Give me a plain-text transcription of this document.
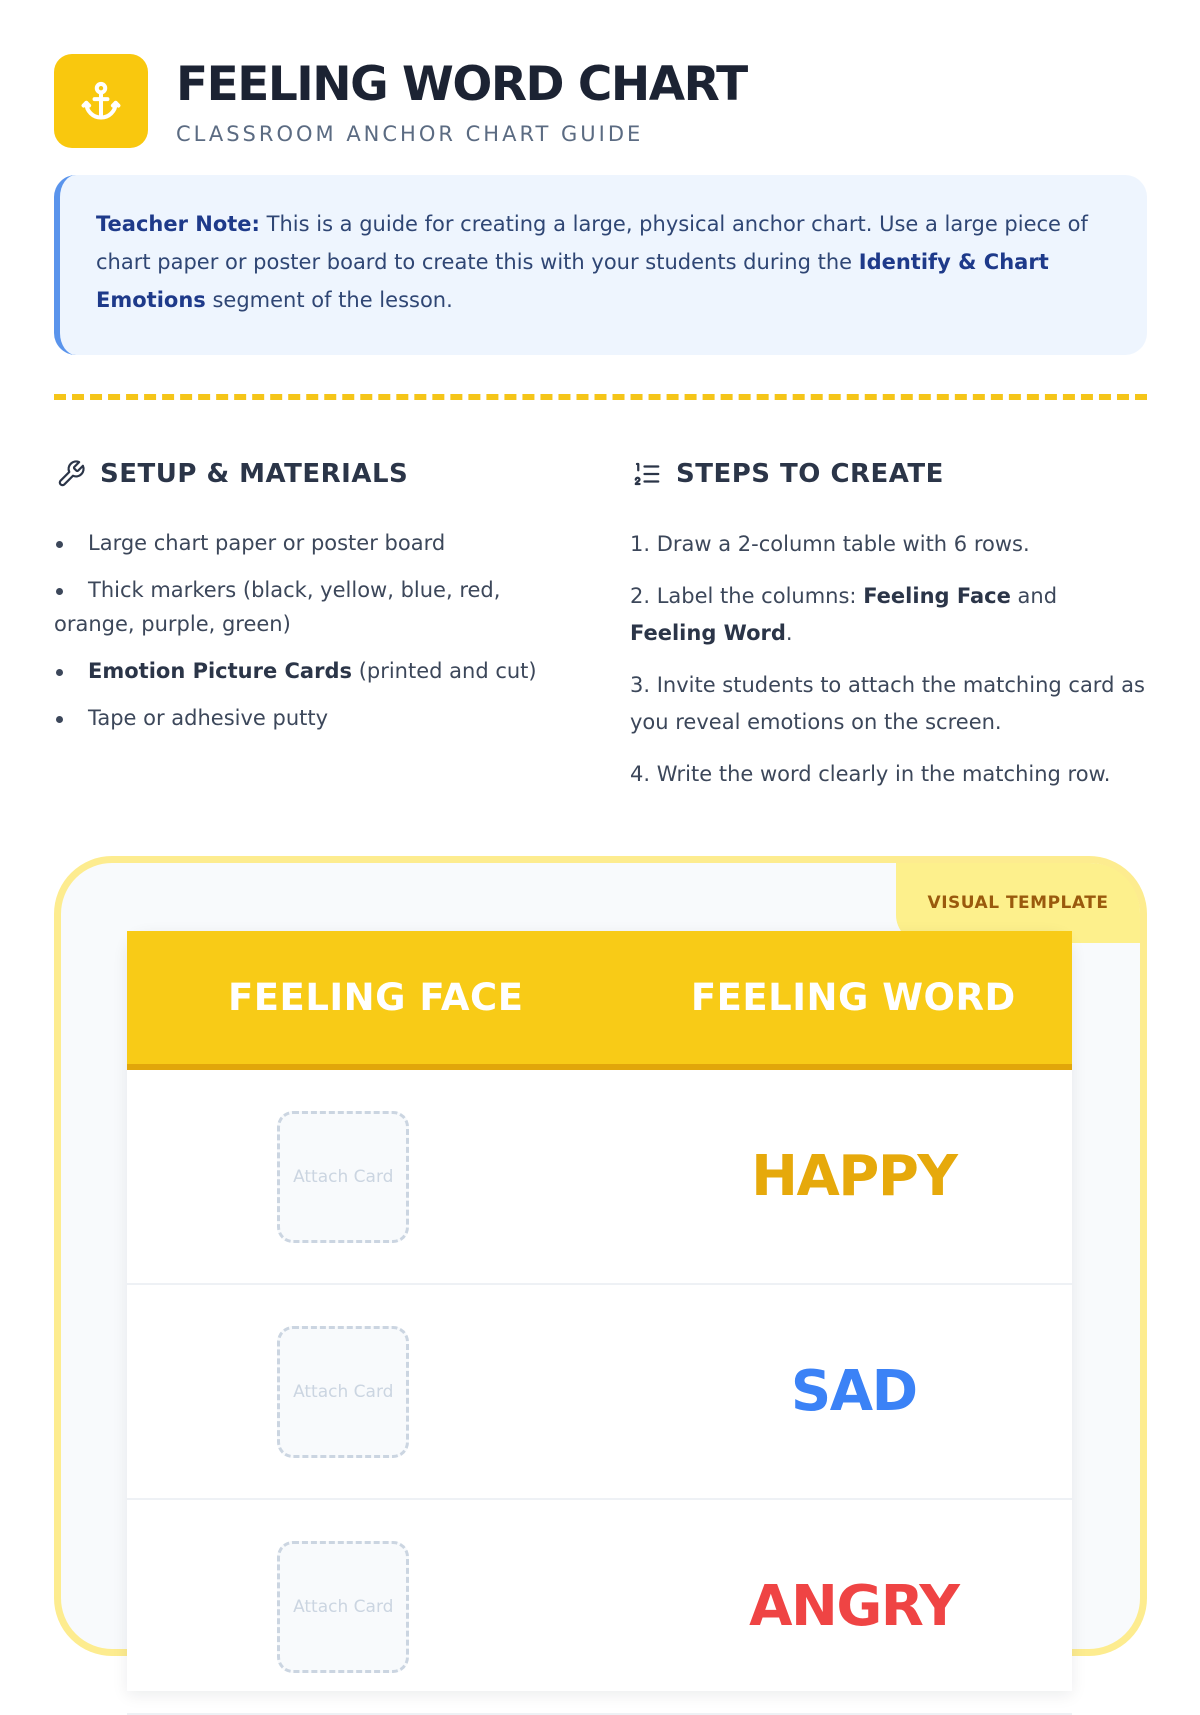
FEELING WORD CHART
CLASSROOM ANCHOR CHART GUIDE
Teacher Note: This is a guide for creating a large, physical anchor chart. Use a large piece of chart paper or poster board to create this with your students during the Identify & Chart Emotions segment of the lesson.
SETUP & MATERIALS
Large chart paper or poster board
Thick markers (black, yellow, blue, red, orange, purple, green)
Emotion Picture Cards (printed and cut)
Tape or adhesive putty
STEPS TO CREATE

1. Draw a 2-column table with 6 rows.

2. Label the columns: Feeling Face and Feeling Word.

3. Invite students to attach the matching card as you reveal emotions on the screen.

4. Write the word clearly in the matching row.

VISUAL TEMPLATE
FEELING FACE	FEELING WORD
Attach Card	HAPPY
Attach Card	SAD
Attach Card	ANGRY
